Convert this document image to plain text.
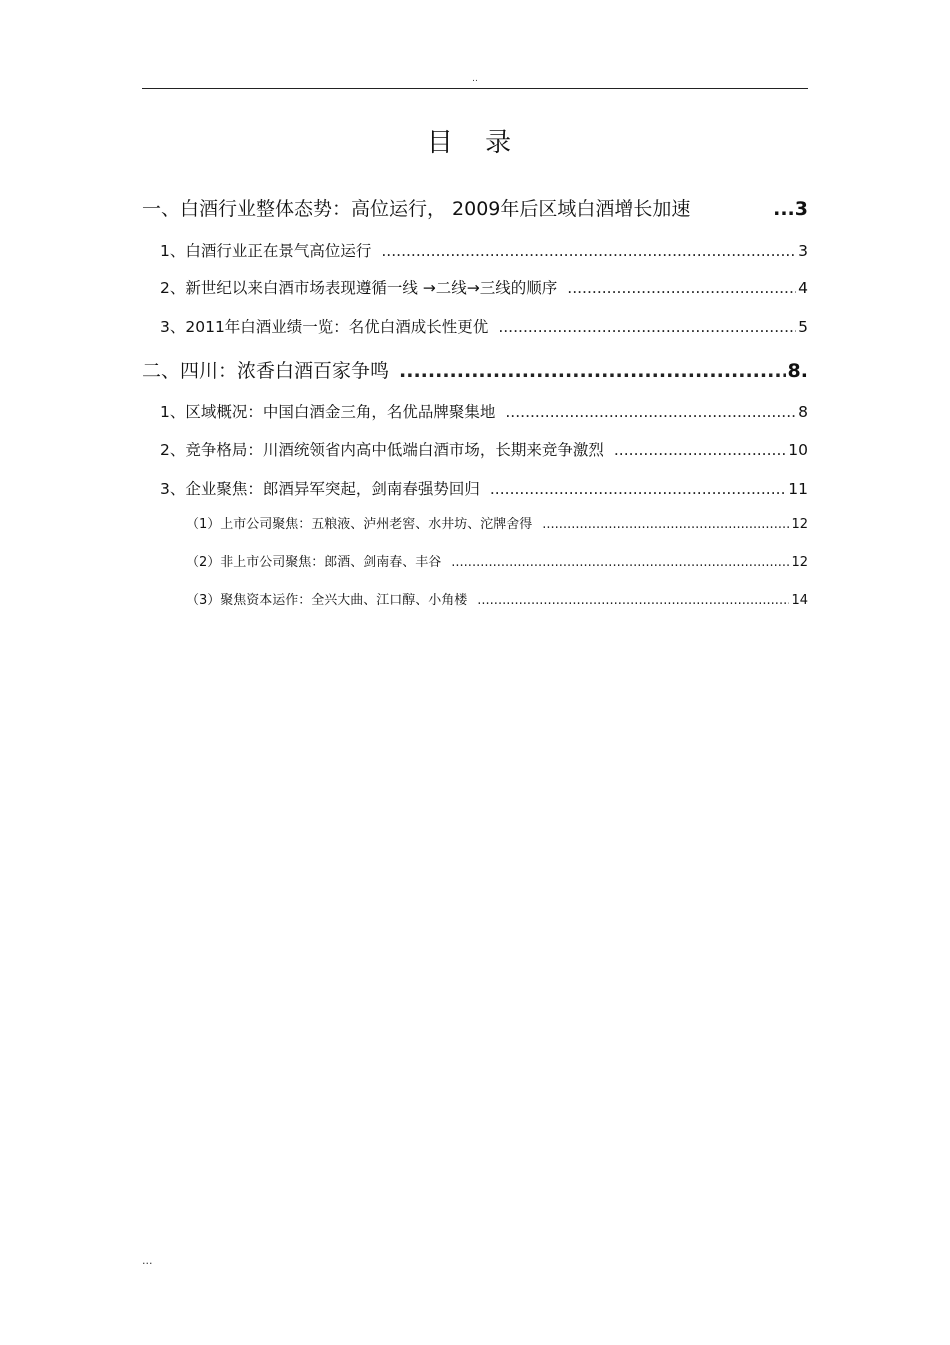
..
目 录
一、白酒行业整体态势：高位运行， 2009年后区域白酒增长加速	...3
1、白酒行业正在景气高位运行 .....	3
2、新世纪以来白酒市场表现遵循一线 →二线→三线的顺序 .....	4
3、2011年白酒业绩一览：名优白酒成长性更优 .....	5
二、四川：浓香白酒百家争鸣 .....	8.
1、区域概况：中国白酒金三角，名优品牌聚集地 .....	8
2、竞争格局：川酒统领省内高中低端白酒市场，长期来竞争激烈 .....	10
3、企业聚焦：郎酒异军突起，剑南春强势回归 .....	11
（1）上市公司聚焦：五粮液、泸州老窖、水井坊、沱牌舍得 .....	12
（2）非上市公司聚焦：郎酒、剑南春、丰谷 .....	12
（3）聚焦资本运作：全兴大曲、江口醇、小角楼 .....	14
...
